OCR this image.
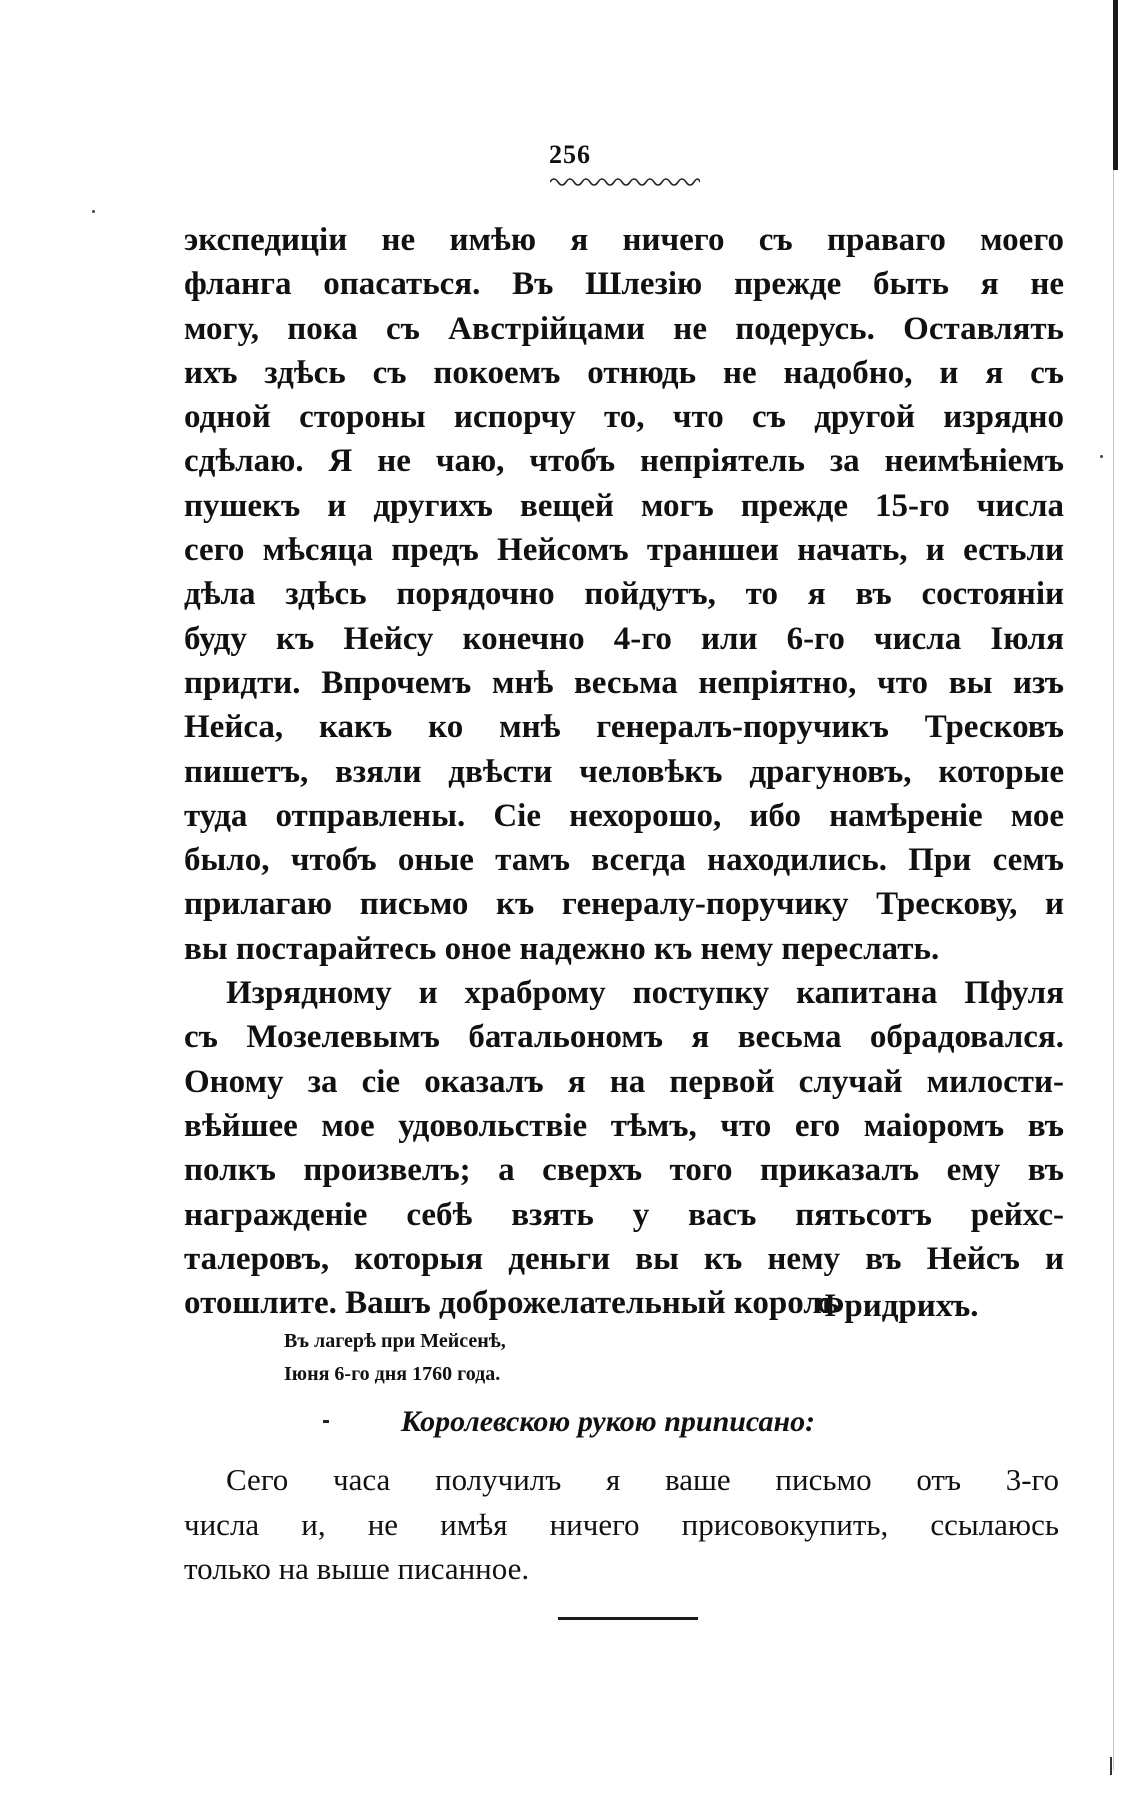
256
экспедиціи не имѣю я ничего съ праваго моего
фланга опасаться. Въ Шлезію прежде быть я не
могу, пока съ Австрійцами не подерусь. Оставлять
ихъ здѣсь съ покоемъ отнюдь не надобно, и я съ
одной стороны испорчу то, что съ другой изрядно
сдѣлаю. Я не чаю, чтобъ непріятель за неимѣніемъ
пушекъ и другихъ вещей могъ прежде 15-го числа
сего мѣсяца предъ Нейсомъ траншеи начать, и естьли
дѣла здѣсь порядочно пойдутъ, то я въ состояніи
буду къ Нейсу конечно 4-го или 6-го числа Іюля
придти. Впрочемъ мнѣ весьма непріятно, что вы изъ
Нейса, какъ ко мнѣ генералъ-поручикъ Тресковъ
пишетъ, взяли двѣсти человѣкъ драгуновъ, которые
туда отправлены. Сіе нехорошо, ибо намѣреніе мое
было, чтобъ оные тамъ всегда находились. При семъ
прилагаю письмо къ генералу-поручику Трескову, и
вы постарайтесь оное надежно къ нему переслать.
Изрядному и храброму поступку капитана Пфуля
съ Мозелевымъ батальономъ я весьма обрадовался.
Оному за сіе оказалъ я на первой случай милости-
вѣйшее мое удовольствіе тѣмъ, что его маіоромъ въ
полкъ произвелъ; а сверхъ того приказалъ ему въ
награжденіе себѣ взять у васъ пятьсотъ рейхс-
талеровъ, которыя деньги вы къ нему въ Нейсъ и
отошлите. Вашъ доброжелательный король
Фридрихъ.
Въ лагерѣ при Мейсенѣ,
Іюня 6-го дня 1760 года.
Королевскою рукою приписано:
Сего часа получилъ я ваше письмо отъ 3-го
числа и, не имѣя ничего присовокупить, ссылаюсь
только на выше писанное.
